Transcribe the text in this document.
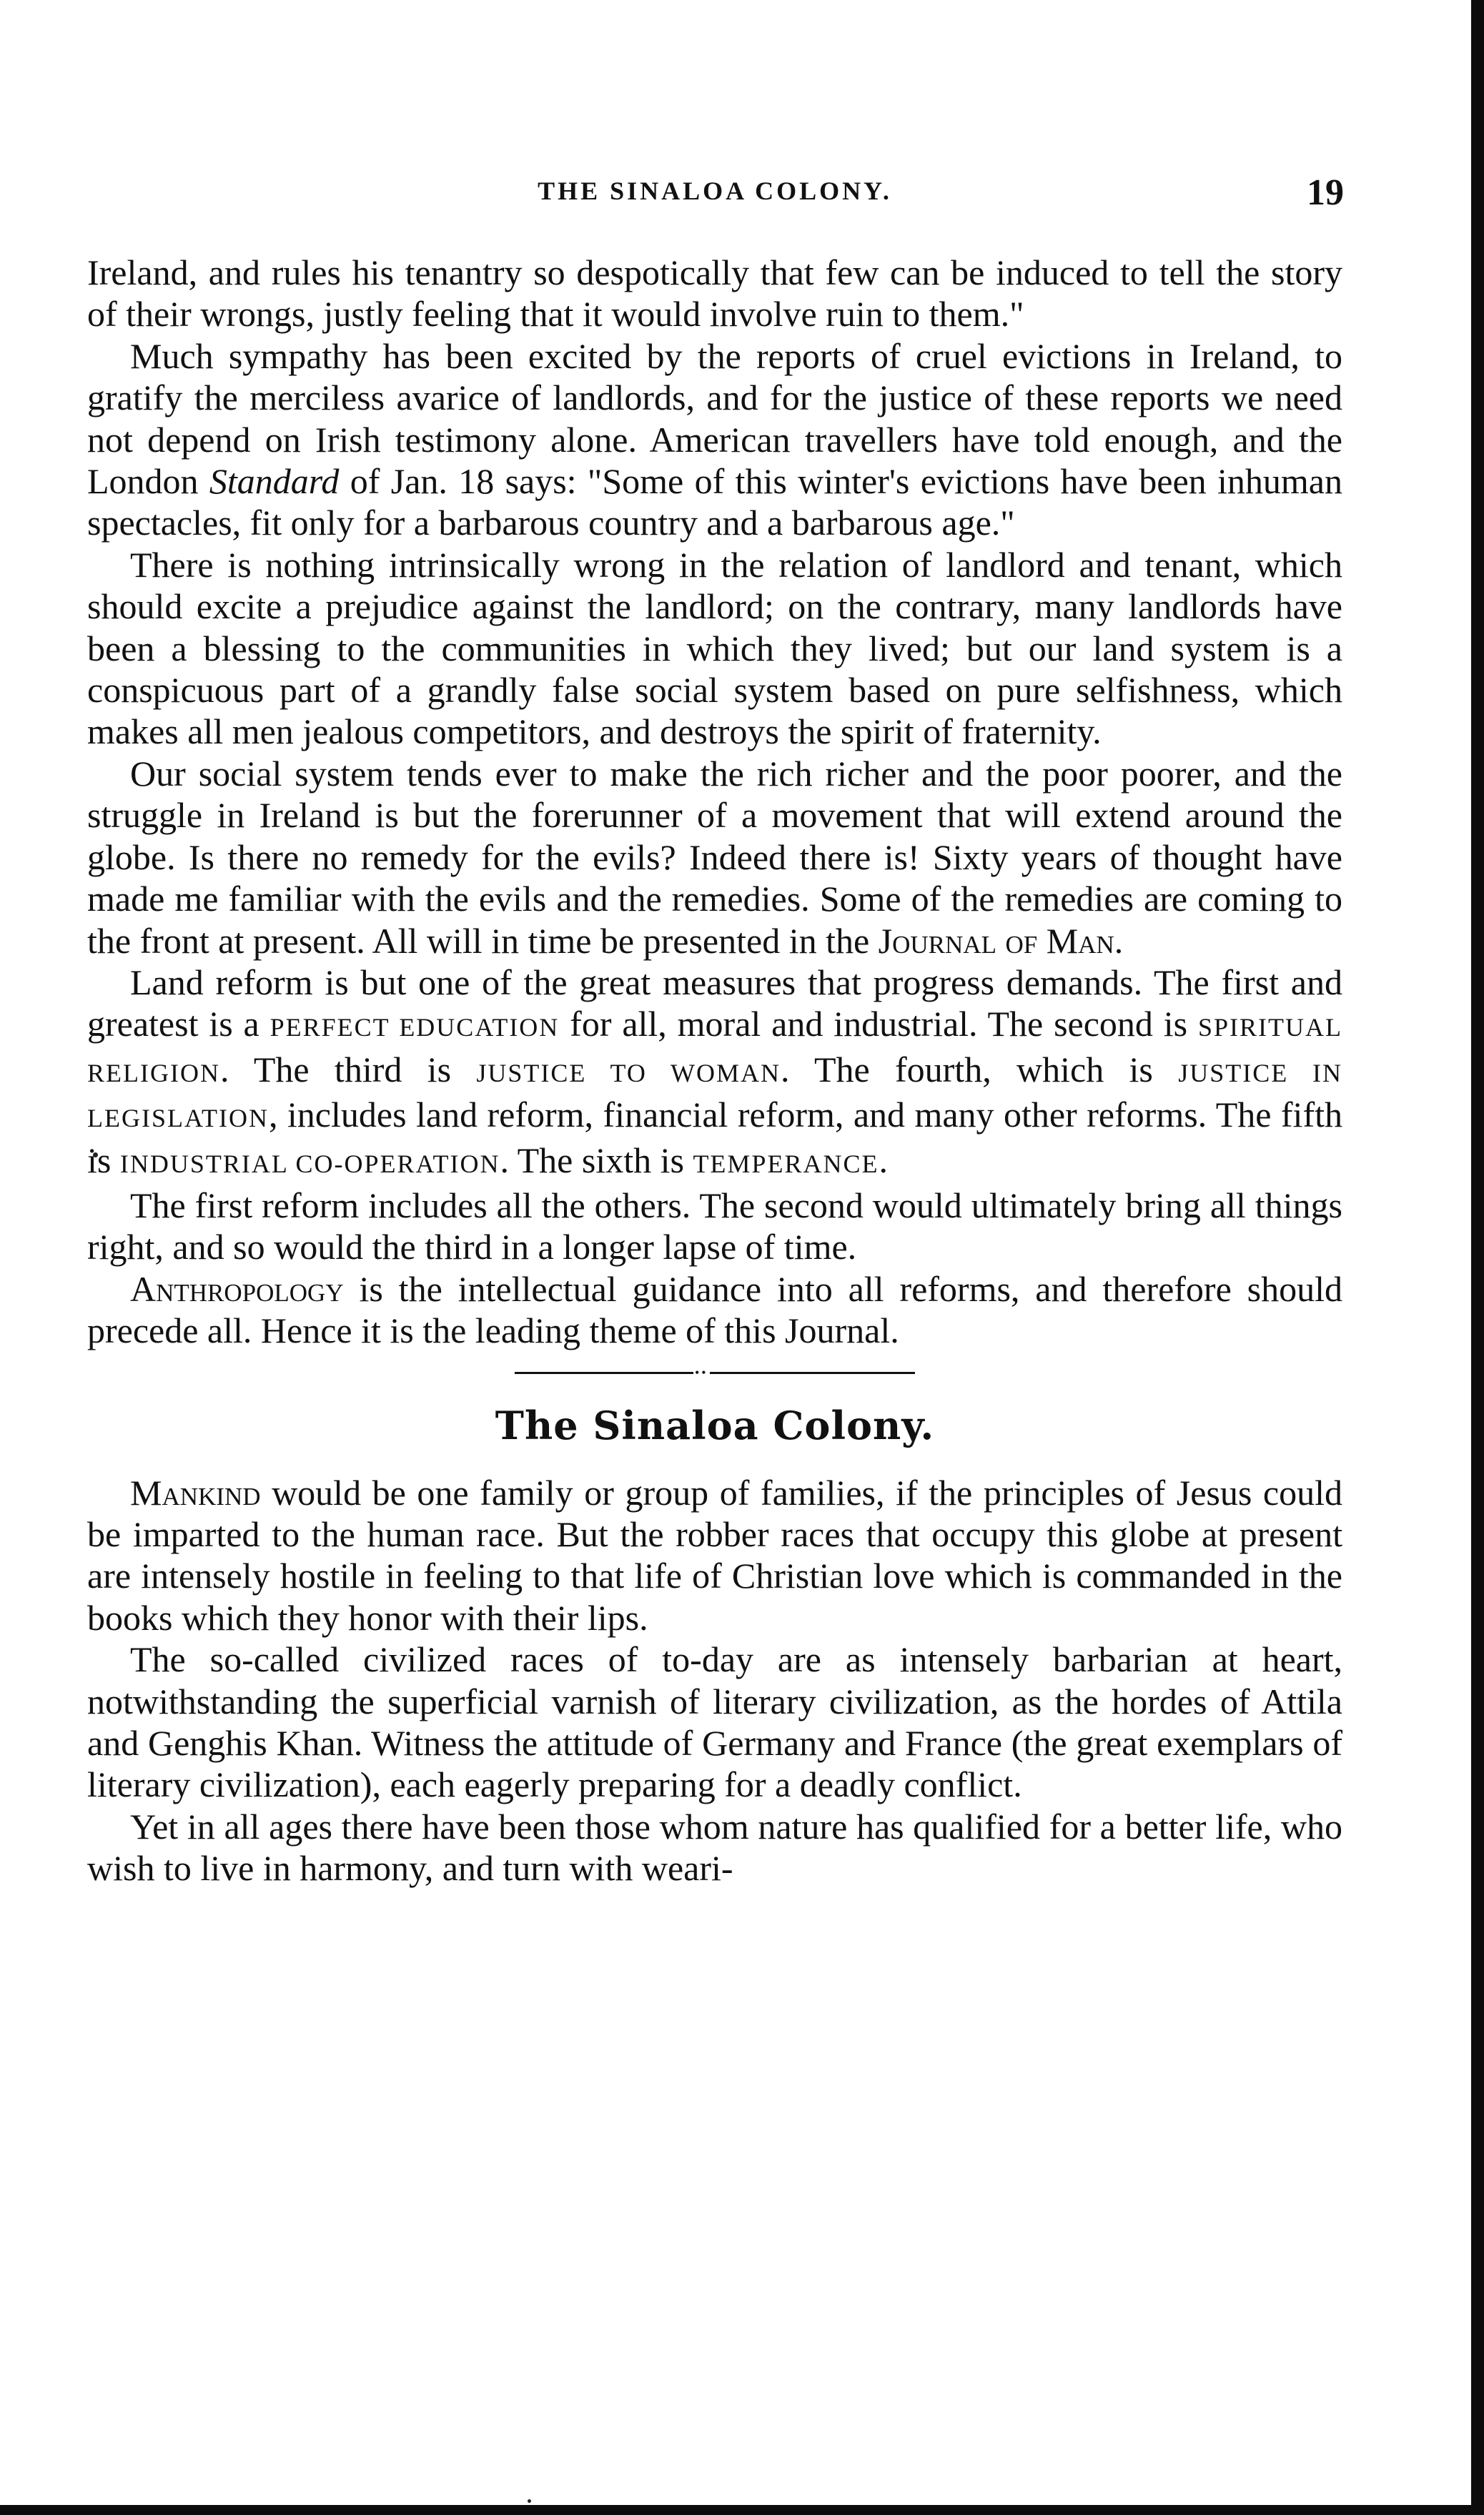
THE SINALOA COLONY.	19

Ireland, and rules his tenantry so despotically that few can be induced to tell the story of their wrongs, justly feeling that it would involve ruin to them."

Much sympathy has been excited by the reports of cruel evictions in Ireland, to gratify the merciless avarice of landlords, and for the justice of these reports we need not depend on Irish testimony alone. American travellers have told enough, and the London Standard of Jan. 18 says: "Some of this winter's evictions have been inhuman spectacles, fit only for a barbarous country and a barbarous age."

There is nothing intrinsically wrong in the relation of landlord and tenant, which should excite a prejudice against the landlord; on the contrary, many landlords have been a blessing to the communities in which they lived; but our land system is a conspicuous part of a grandly false social system based on pure selfishness, which makes all men jealous competitors, and destroys the spirit of fraternity.

Our social system tends ever to make the rich richer and the poor poorer, and the struggle in Ireland is but the forerunner of a movement that will extend around the globe. Is there no remedy for the evils? Indeed there is! Sixty years of thought have made me familiar with the evils and the remedies. Some of the remedies are coming to the front at present. All will in time be presented in the Journal of Man.

Land reform is but one of the great measures that progress demands. The first and greatest is a PERFECT EDUCATION for all, moral and industrial. The second is SPIRITUAL RELIGION. The third is JUSTICE TO WOMAN. The fourth, which is JUSTICE IN LEGISLATION, includes land reform, financial reform, and many other reforms. The fifth is INDUSTRIAL CO-OPERATION. The sixth is TEMPERANCE.

The first reform includes all the others. The second would ultimately bring all things right, and so would the third in a longer lapse of time.

Anthropology is the intellectual guidance into all reforms, and therefore should precede all. Hence it is the leading theme of this Journal.

••
The Sinaloa Colony.

Mankind would be one family or group of families, if the principles of Jesus could be imparted to the human race. But the robber races that occupy this globe at present are intensely hostile in feeling to that life of Christian love which is commanded in the books which they honor with their lips.

The so-called civilized races of to-day are as intensely barbarian at heart, notwithstanding the superficial varnish of literary civilization, as the hordes of Attila and Genghis Khan. Witness the attitude of Germany and France (the great exemplars of literary civilization), each eagerly preparing for a deadly conflict.

Yet in all ages there have been those whom nature has qualified for a better life, who wish to live in harmony, and turn with weari-
